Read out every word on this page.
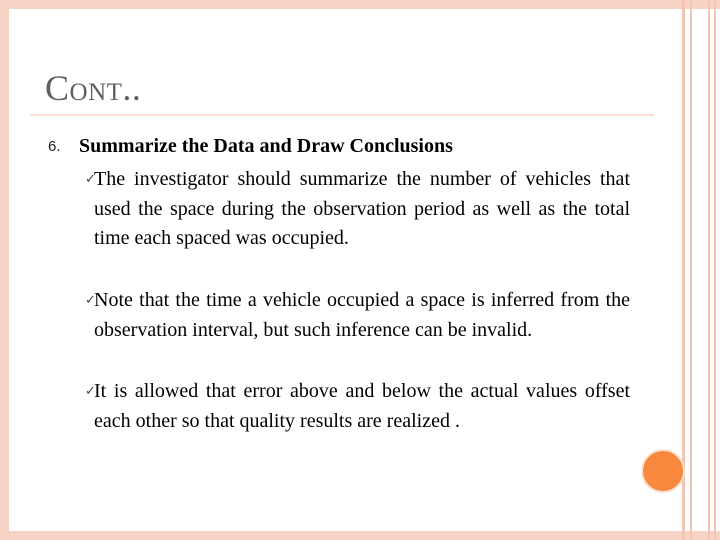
Cont..
6. Summarize the Data and Draw Conclusions
✓
The investigator should summarize the number of vehicles that used the space during the observation period as well as the total time each spaced was occupied.
✓
Note that the time a vehicle occupied a space is inferred from the observation interval, but such inference can be invalid.
✓
It is allowed that error above and below the actual values offset each other so that quality results are realized .
